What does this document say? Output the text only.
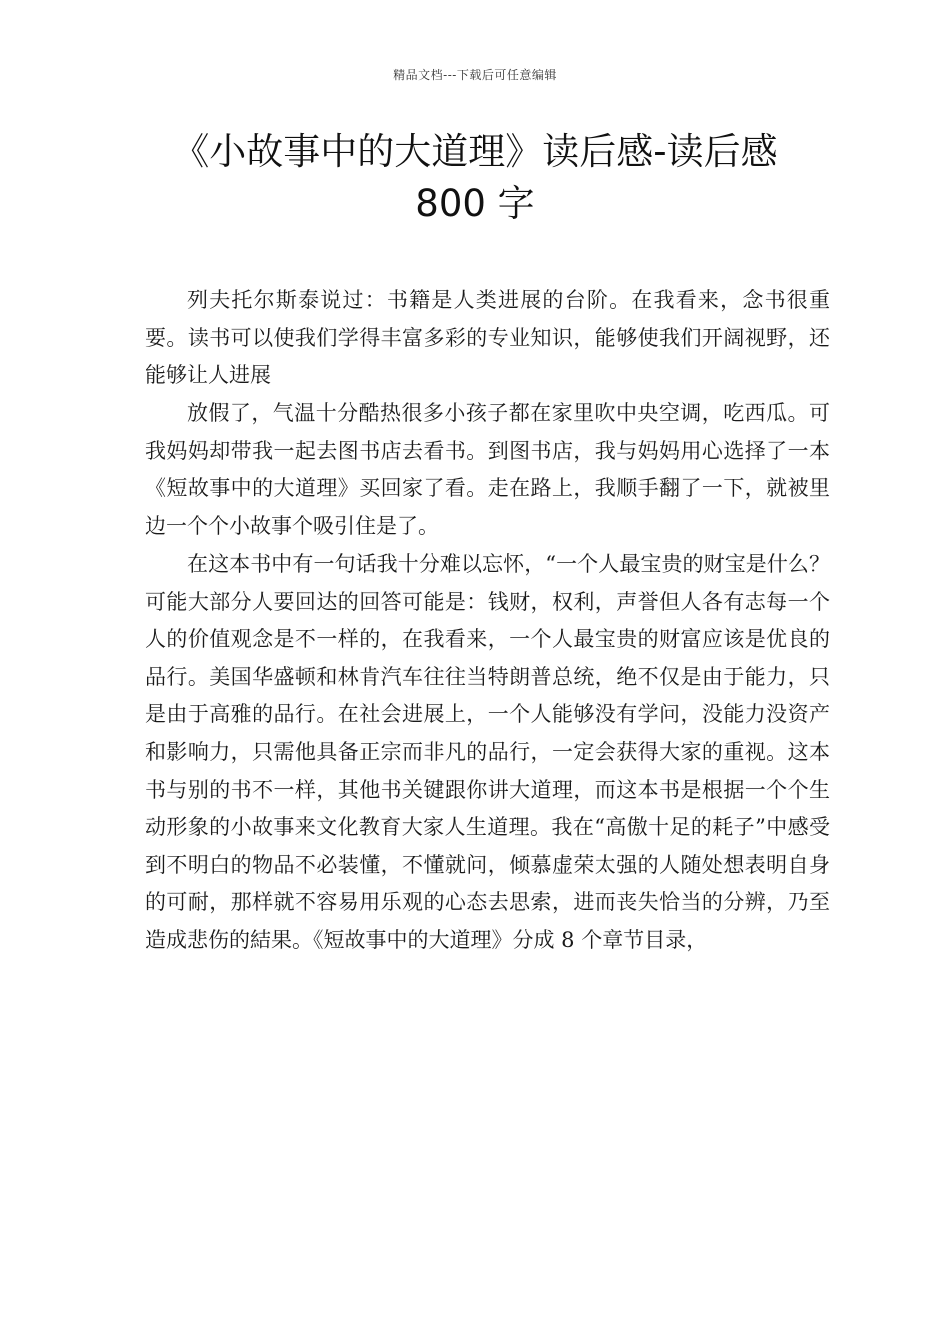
精品文档---下载后可任意编辑
《小故事中的大道理》读后感-读后感
800 字

列夫托尔斯泰说过：书籍是人类进展的台阶。在我看来，念书很重要。读书可以使我们学得丰富多彩的专业知识，能够使我们开阔视野，还能够让人进展

放假了，气温十分酷热很多小孩子都在家里吹中央空调，吃西瓜。可我妈妈却带我一起去图书店去看书。到图书店，我与妈妈用心选择了一本《短故事中的大道理》买回家了看。走在路上，我顺手翻了一下，就被里边一个个小故事个吸引住是了。

在这本书中有一句话我十分难以忘怀，“一个人最宝贵的财宝是什么？可能大部分人要回达的回答可能是：钱财，权利，声誉但人各有志每一个人的价值观念是不一样的，在我看来，一个人最宝贵的财富应该是优良的品行。美国华盛顿和林肯汽车往往当特朗普总统，绝不仅是由于能力，只是由于高雅的品行。在社会进展上，一个人能够没有学问，没能力没资产和影响力，只需他具备正宗而非凡的品行，一定会获得大家的重视。这本书与别的书不一样，其他书关键跟你讲大道理，而这本书是根据一个个生动形象的小故事来文化教育大家人生道理。我在“高傲十足的耗子”中感受到不明白的物品不必装懂，不懂就问，倾慕虚荣太强的人随处想表明自身的可耐，那样就不容易用乐观的心态去思索，进而丧失恰当的分辨，乃至造成悲伤的結果。《短故事中的大道理》分成 8 个章节目录，
